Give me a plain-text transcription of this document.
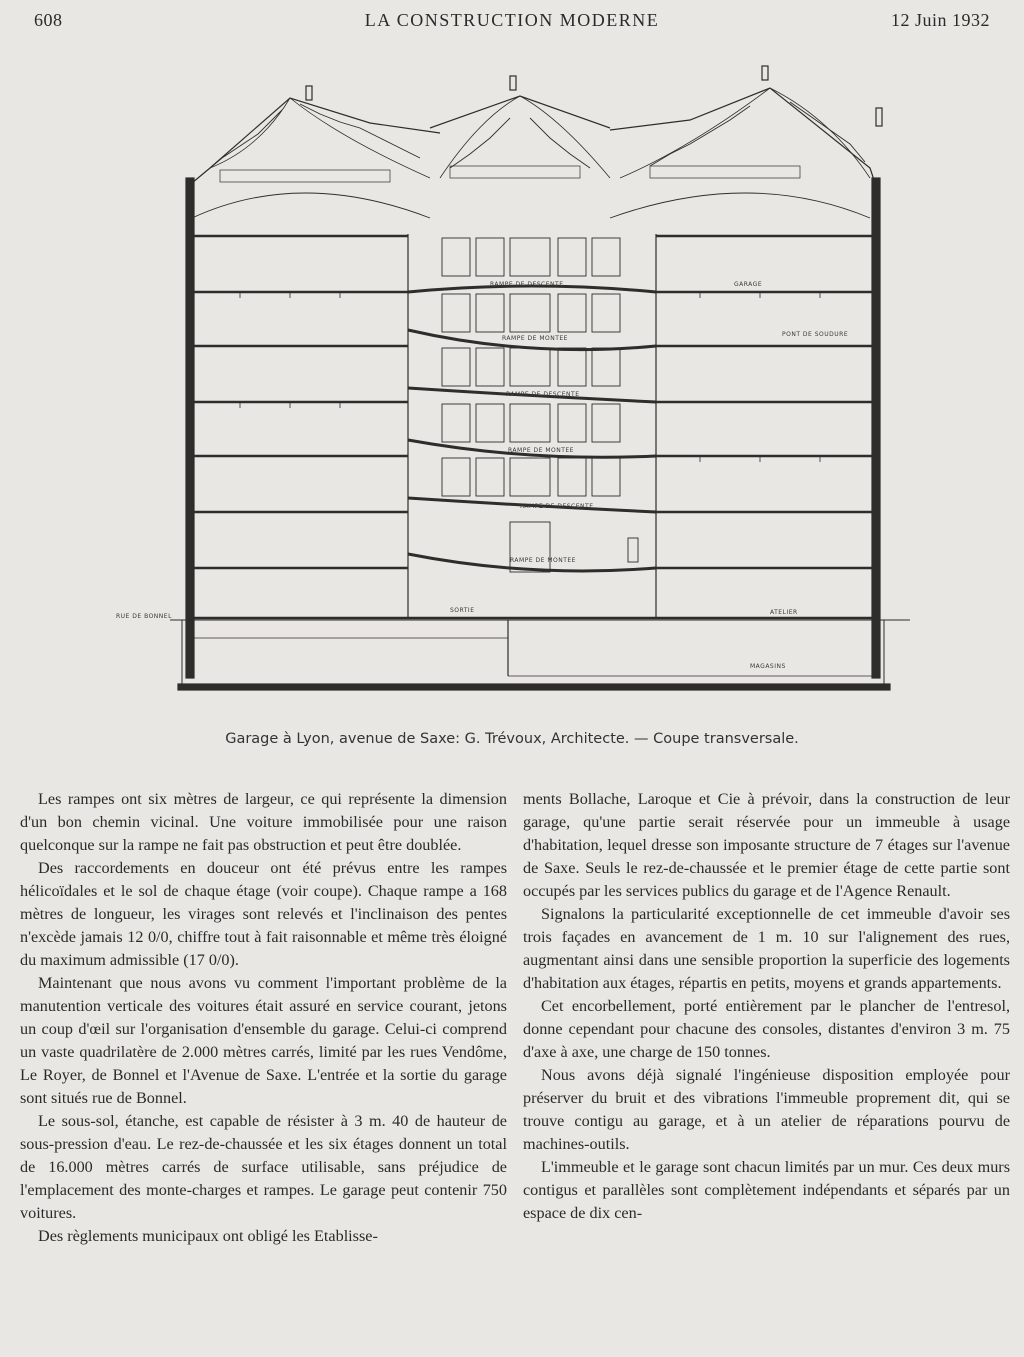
608	LA CONSTRUCTION MODERNE	12 Juin 1932
RAMPE DE DESCENTE
RAMPE DE MONTEE
RAMPE DE DESCENTE
RAMPE DE MONTEE
RAMPE DE DESCENTE
RAMPE DE MONTEE
SORTIE
GARAGE
RUE DE BONNEL
ATELIER
MAGASINS
PONT DE SOUDURE
Garage à Lyon, avenue de Saxe: G. Trévoux, Architecte. — Coupe transversale.

Les rampes ont six mètres de largeur, ce qui représente la dimension d'un bon chemin vicinal. Une voiture immobilisée pour une raison quelconque sur la rampe ne fait pas obstruction et peut être doublée.

Des raccordements en douceur ont été prévus entre les rampes hélicoïdales et le sol de chaque étage (voir coupe). Chaque rampe a 168 mètres de longueur, les virages sont relevés et l'inclinaison des pentes n'excède jamais 12 0/0, chiffre tout à fait raisonnable et même très éloigné du maximum admissible (17 0/0).

Maintenant que nous avons vu comment l'important problème de la manutention verticale des voitures était assuré en service courant, jetons un coup d'œil sur l'organisation d'ensemble du garage. Celui-ci comprend un vaste quadrilatère de 2.000 mètres carrés, limité par les rues Vendôme, Le Royer, de Bonnel et l'Avenue de Saxe. L'entrée et la sortie du garage sont situés rue de Bonnel.

Le sous-sol, étanche, est capable de résister à 3 m. 40 de hauteur de sous-pression d'eau. Le rez-de-chaussée et les six étages donnent un total de 16.000 mètres carrés de surface utilisable, sans préjudice de l'emplacement des monte-charges et rampes. Le garage peut contenir 750 voitures.

Des règlements municipaux ont obligé les Etablisse-

ments Bollache, Laroque et Cie à prévoir, dans la construction de leur garage, qu'une partie serait réservée pour un immeuble à usage d'habitation, lequel dresse son imposante structure de 7 étages sur l'avenue de Saxe. Seuls le rez-de-chaussée et le premier étage de cette partie sont occupés par les services publics du garage et de l'Agence Renault.

Signalons la particularité exceptionnelle de cet immeuble d'avoir ses trois façades en avancement de 1 m. 10 sur l'alignement des rues, augmentant ainsi dans une sensible proportion la superficie des logements d'habitation aux étages, répartis en petits, moyens et grands appartements.

Cet encorbellement, porté entièrement par le plancher de l'entresol, donne cependant pour chacune des consoles, distantes d'environ 3 m. 75 d'axe à axe, une charge de 150 tonnes.

Nous avons déjà signalé l'ingénieuse disposition employée pour préserver du bruit et des vibrations l'immeuble proprement dit, qui se trouve contigu au garage, et à un atelier de réparations pourvu de machines-outils.

L'immeuble et le garage sont chacun limités par un mur. Ces deux murs contigus et parallèles sont complètement indépendants et séparés par un espace de dix cen-
